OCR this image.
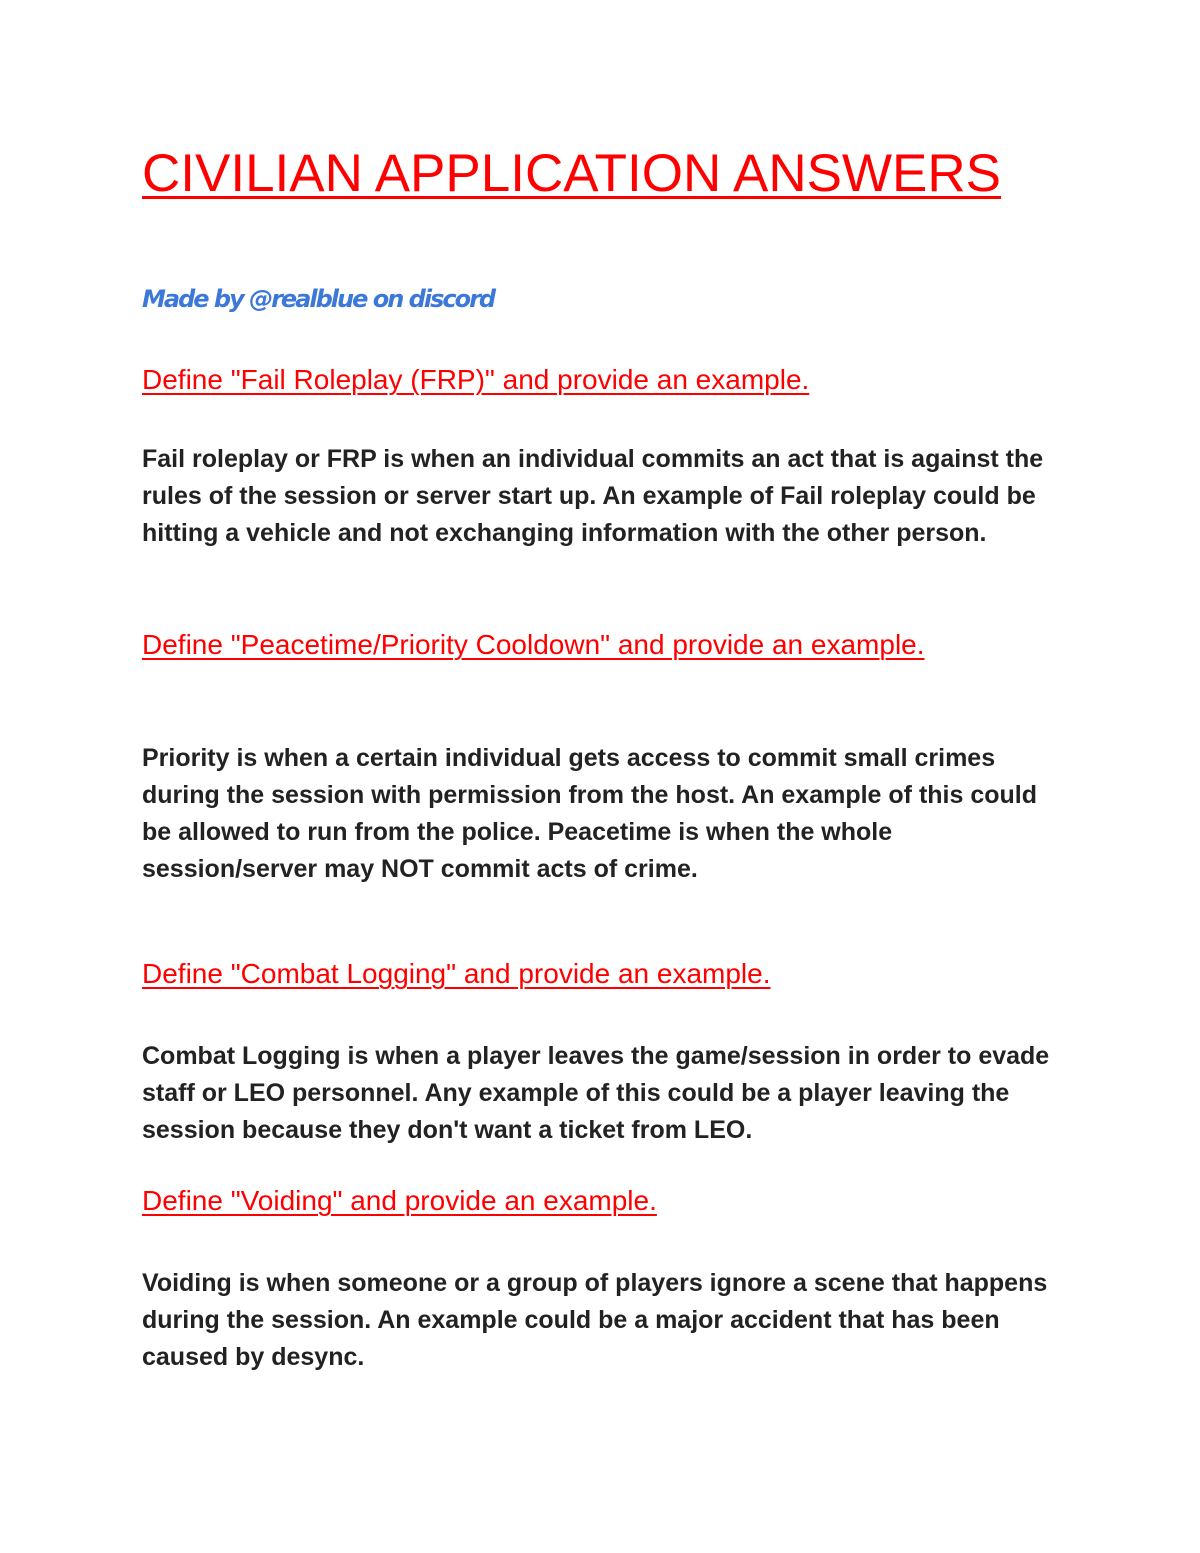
CIVILIAN APPLICATION ANSWERS

Made by @realblue on discord

Define "Fail Roleplay (FRP)" and provide an example.

Fail roleplay or FRP is when an individual commits an act that is against the rules of the session or server start up. An example of Fail roleplay could be hitting a vehicle and not exchanging information with the other person.

Define "Peacetime/Priority Cooldown" and provide an example.

Priority is when a certain individual gets access to commit small crimes during the session with permission from the host. An example of this could be allowed to run from the police. Peacetime is when the whole session/server may NOT commit acts of crime.

Define "Combat Logging" and provide an example.

Combat Logging is when a player leaves the game/session in order to evade staff or LEO personnel. Any example of this could be a player leaving the session because they don't want a ticket from LEO.

Define "Voiding" and provide an example.

Voiding is when someone or a group of players ignore a scene that happens during the session. An example could be a major accident that has been caused by desync.
